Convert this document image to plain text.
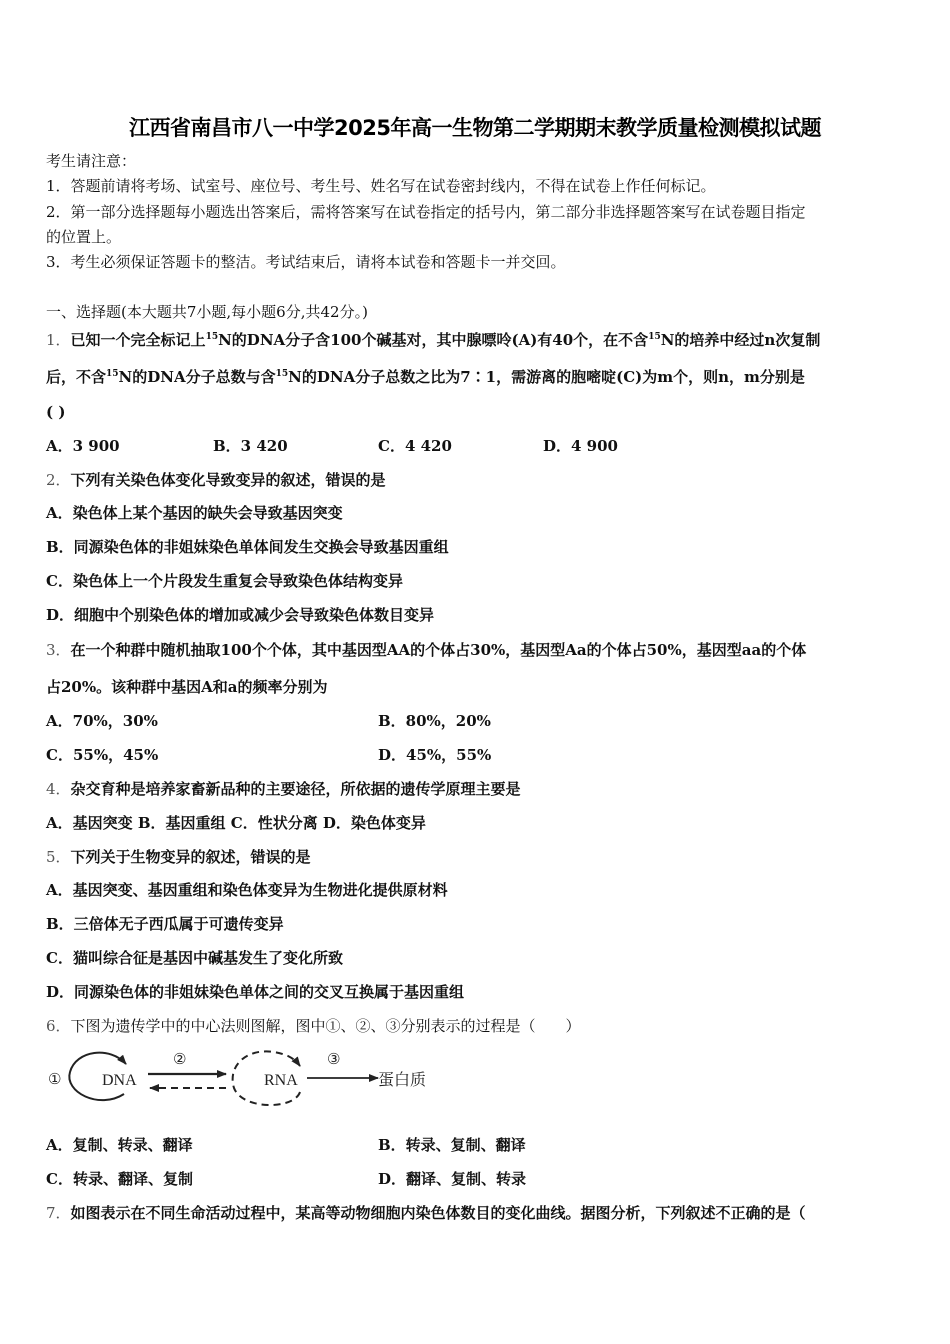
江西省南昌市八一中学2025年高一生物第二学期期末教学质量检测模拟试题
考生请注意：
1．答题前请将考场、试室号、座位号、考生号、姓名写在试卷密封线内，不得在试卷上作任何标记。
2．第一部分选择题每小题选出答案后，需将答案写在试卷指定的括号内，第二部分非选择题答案写在试卷题目指定
的位置上。
3．考生必须保证答题卡的整洁。考试结束后，请将本试卷和答题卡一并交回。
一、选择题(本大题共7小题,每小题6分,共42分。)
1．已知一个完全标记上$^{15}$N的DNA分子含100个碱基对，其中腺嘌呤(A)有40个，在不含$^{15}$N的培养中经过n次复制
后，不含$^{15}$N的DNA分子总数与含$^{15}$N的DNA分子总数之比为7∶1，需游离的胞嘧啶(C)为m个，则n，m分别是
( )
A．3 900	B．3 420	C．4 420	D．4 900
2．下列有关染色体变化导致变异的叙述，错误的是
A．染色体上某个基因的缺失会导致基因突变
B．同源染色体的非姐妹染色单体间发生交换会导致基因重组
C．染色体上一个片段发生重复会导致染色体结构变异
D．细胞中个别染色体的增加或减少会导致染色体数目变异
3．在一个种群中随机抽取100个个体，其中基因型AA的个体占30%，基因型Aa的个体占50%，基因型aa的个体
占20%。该种群中基因A和a的频率分别为
A．70%，30%	B．80%，20%
C．55%，45%	D．45%，55%
4．杂交育种是培养家畜新品种的主要途径，所依据的遗传学原理主要是
A．基因突变 B．基因重组 C．性状分离 D．染色体变异
5．下列关于生物变异的叙述，错误的是
A．基因突变、基因重组和染色体变异为生物进化提供原材料
B．三倍体无子西瓜属于可遗传变异
C．猫叫综合征是基因中碱基发生了变化所致
D．同源染色体的非姐妹染色单体之间的交叉互换属于基因重组
6．下图为遗传学中的中心法则图解，图中①、②、③分别表示的过程是（　　）
①	DNA
②
RNA
③
蛋白质
A．复制、转录、翻译	B．转录、复制、翻译
C．转录、翻译、复制	D．翻译、复制、转录
7．如图表示在不同生命活动过程中，某高等动物细胞内染色体数目的变化曲线。据图分析，下列叙述不正确的是（
